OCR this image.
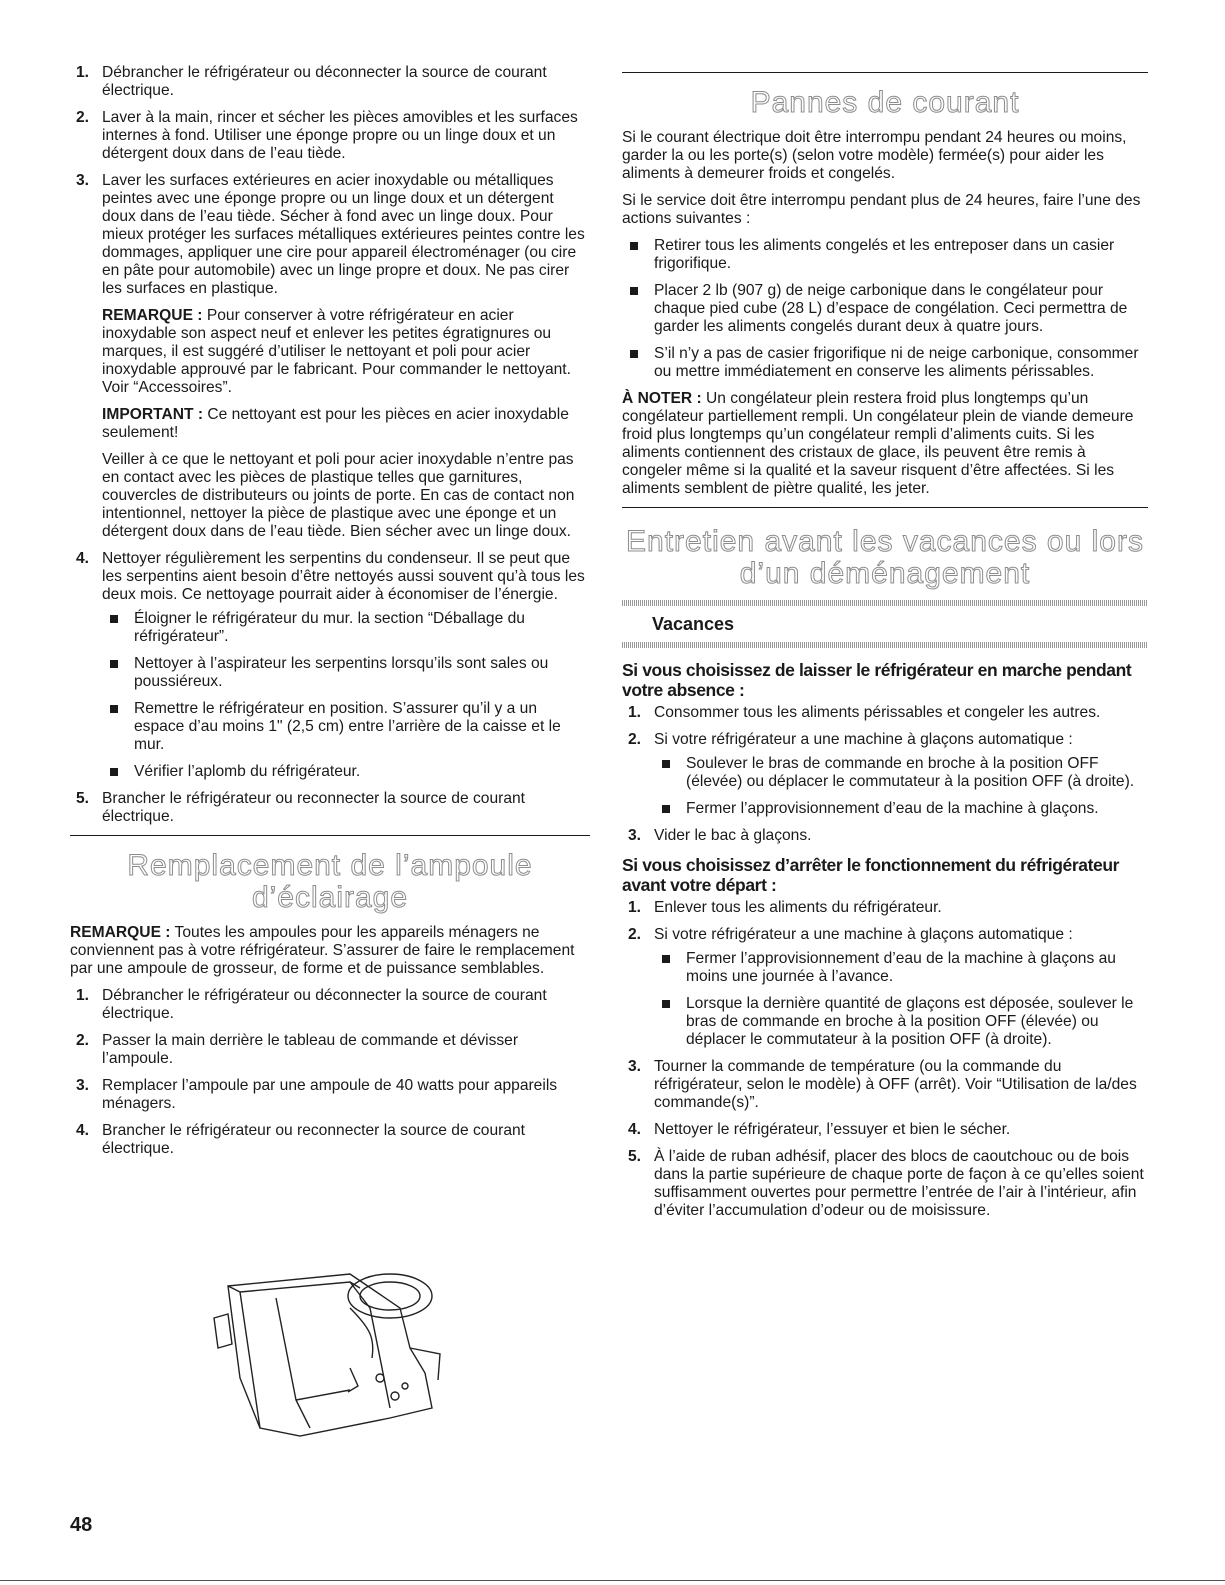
1. Débrancher le réfrigérateur ou déconnecter la source de courant électrique.

2. Laver à la main, rincer et sécher les pièces amovibles et les surfaces internes à fond. Utiliser une éponge propre ou un linge doux et un détergent doux dans de l’eau tiède.

3. Laver les surfaces extérieures en acier inoxydable ou métalliques peintes avec une éponge propre ou un linge doux et un détergent doux dans de l’eau tiède. Sécher à fond avec un linge doux. Pour mieux protéger les surfaces métalliques extérieures peintes contre les dommages, appliquer une cire pour appareil électroménager (ou cire en pâte pour automobile) avec un linge propre et doux. Ne pas cirer les surfaces en plastique.

REMARQUE : Pour conserver à votre réfrigérateur en acier inoxydable son aspect neuf et enlever les petites égratignures ou marques, il est suggéré d’utiliser le nettoyant et poli pour acier inoxydable approuvé par le fabricant. Pour commander le nettoyant. Voir “Accessoires”.

IMPORTANT : Ce nettoyant est pour les pièces en acier inoxydable seulement!

Veiller à ce que le nettoyant et poli pour acier inoxydable n’entre pas en contact avec les pièces de plastique telles que garnitures, couvercles de distributeurs ou joints de porte. En cas de contact non intentionnel, nettoyer la pièce de plastique avec une éponge et un détergent doux dans de l’eau tiède. Bien sécher avec un linge doux.

4. Nettoyer régulièrement les serpentins du condenseur. Il se peut que les serpentins aient besoin d’être nettoyés aussi souvent qu’à tous les deux mois. Ce nettoyage pourrait aider à économiser de l’énergie.

Éloigner le réfrigérateur du mur. la section “Déballage du réfrigérateur”.
Nettoyer à l’aspirateur les serpentins lorsqu’ils sont sales ou poussiéreux.
Remettre le réfrigérateur en position. S’assurer qu’il y a un espace d’au moins 1" (2,5 cm) entre l’arrière de la caisse et le mur.
Vérifier l’aplomb du réfrigérateur.
5. Brancher le réfrigérateur ou reconnecter la source de courant électrique.

Remplacement de l’ampoule
d’éclairage

REMARQUE : Toutes les ampoules pour les appareils ménagers ne conviennent pas à votre réfrigérateur. S’assurer de faire le remplacement par une ampoule de grosseur, de forme et de puissance semblables.

1. Débrancher le réfrigérateur ou déconnecter la source de courant électrique.

2. Passer la main derrière le tableau de commande et dévisser l’ampoule.

3. Remplacer l’ampoule par une ampoule de 40 watts pour appareils ménagers.

4. Brancher le réfrigérateur ou reconnecter la source de courant électrique.

Pannes de courant

Si le courant électrique doit être interrompu pendant 24 heures ou moins, garder la ou les porte(s) (selon votre modèle) fermée(s) pour aider les aliments à demeurer froids et congelés.

Si le service doit être interrompu pendant plus de 24 heures, faire l’une des actions suivantes :

Retirer tous les aliments congelés et les entreposer dans un casier frigorifique.
Placer 2 lb (907 g) de neige carbonique dans le congélateur pour chaque pied cube (28 L) d’espace de congélation. Ceci permettra de garder les aliments congelés durant deux à quatre jours.
S’il n’y a pas de casier frigorifique ni de neige carbonique, consommer ou mettre immédiatement en conserve les aliments périssables.

À NOTER : Un congélateur plein restera froid plus longtemps qu’un congélateur partiellement rempli. Un congélateur plein de viande demeure froid plus longtemps qu’un congélateur rempli d’aliments cuits. Si les aliments contiennent des cristaux de glace, ils peuvent être remis à congeler même si la qualité et la saveur risquent d’être affectées. Si les aliments semblent de piètre qualité, les jeter.

Entretien avant les vacances ou lors
d’un déménagement
Vacances
Si vous choisissez de laisser le réfrigérateur en marche pendant votre absence :
1. Consommer tous les aliments périssables et congeler les autres.

2. Si votre réfrigérateur a une machine à glaçons automatique :

Soulever le bras de commande en broche à la position OFF (élevée) ou déplacer le commutateur à la position OFF (à droite).
Fermer l’approvisionnement d’eau de la machine à glaçons.
3. Vider le bac à glaçons.

Si vous choisissez d’arrêter le fonctionnement du réfrigérateur avant votre départ :
1. Enlever tous les aliments du réfrigérateur.

2. Si votre réfrigérateur a une machine à glaçons automatique :

Fermer l’approvisionnement d’eau de la machine à glaçons au moins une journée à l’avance.
Lorsque la dernière quantité de glaçons est déposée, soulever le bras de commande en broche à la position OFF (élevée) ou déplacer le commutateur à la position OFF (à droite).
3. Tourner la commande de température (ou la commande du réfrigérateur, selon le modèle) à OFF (arrêt). Voir “Utilisation de la/des commande(s)”.

4. Nettoyer le réfrigérateur, l’essuyer et bien le sécher.

5. À l’aide de ruban adhésif, placer des blocs de caoutchouc ou de bois dans la partie supérieure de chaque porte de façon à ce qu’elles soient suffisamment ouvertes pour permettre l’entrée de l’air à l’intérieur, afin d’éviter l’accumulation d’odeur ou de moisissure.

48
